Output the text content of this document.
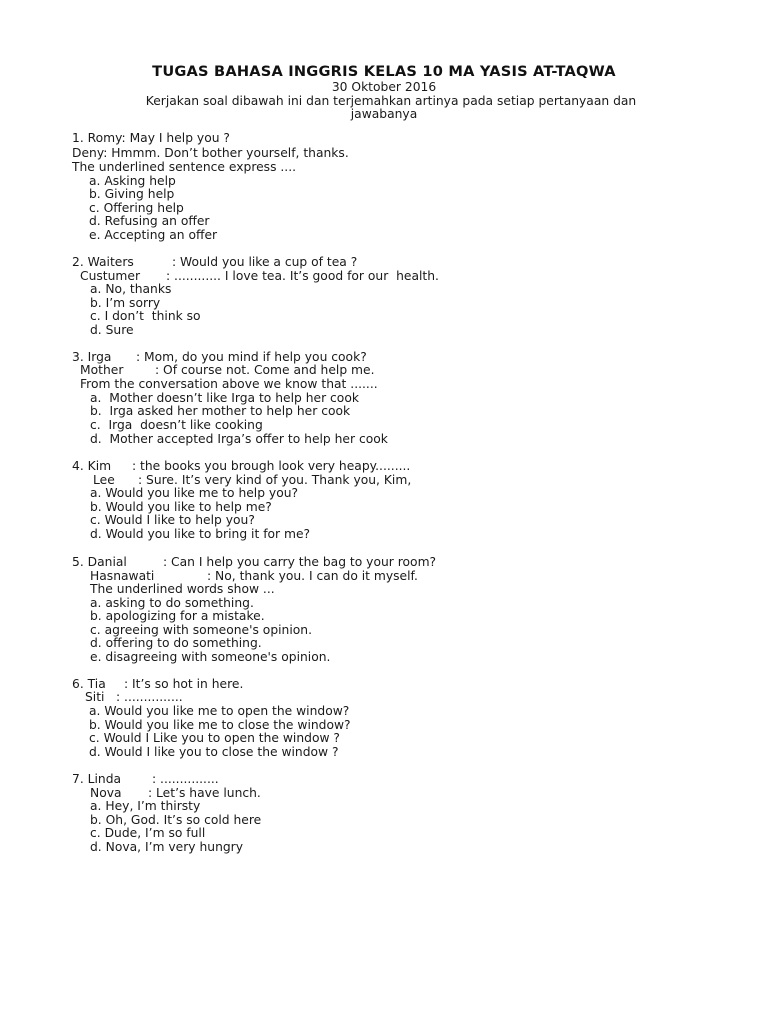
TUGAS BAHASA INGGRIS KELAS 10 MA YASIS AT-TAQWA
30 Oktober 2016
Kerjakan soal dibawah ini dan terjemahkan artinya pada setiap pertanyaan dan
jawabanya
1. Romy: May I help you ?
Deny: Hmmm. Don’t bother yourself, thanks.
The underlined sentence express ....
a. Asking help
b. Giving help
c. Offering help
d. Refusing an offer
e. Accepting an offer
2. Waiters	: Would you like a cup of tea ?
Custumer : ............ I love tea. It’s good for our  health.
a. No, thanks
b. I’m sorry
c. I don’t  think so
d. Sure
3. Irga : Mom, do you mind if help you cook?
Mother	: Of course not. Come and help me.
From the conversation above we know that .......
a.  Mother doesn’t like Irga to help her cook
b.  Irga asked her mother to help her cook
c.  Irga  doesn’t like cooking
d.  Mother accepted Irga’s offer to help her cook
4. Kim : the books you brough look very heapy.........
Lee : Sure. It’s very kind of you. Thank you, Kim,
a. Would you like me to help you?
b. Would you like to help me?
c. Would I like to help you?
d. Would you like to bring it for me?
5. Danial	: Can I help you carry the bag to your room?
Hasnawati	: No, thank you. I can do it myself.
The underlined words show ...
a. asking to do something.
b. apologizing for a mistake.
c. agreeing with someone's opinion.
d. offering to do something.
e. disagreeing with someone's opinion.
6. Tia : It’s so hot in here.
Siti : ...............
a. Would you like me to open the window?
b. Would you like me to close the window?
c. Would I Like you to open the window ?
d. Would I like you to close the window ?
7. Linda	: ...............
Nova : Let’s have lunch.
a. Hey, I’m thirsty
b. Oh, God. It’s so cold here
c. Dude, I’m so full
d. Nova, I’m very hungry
